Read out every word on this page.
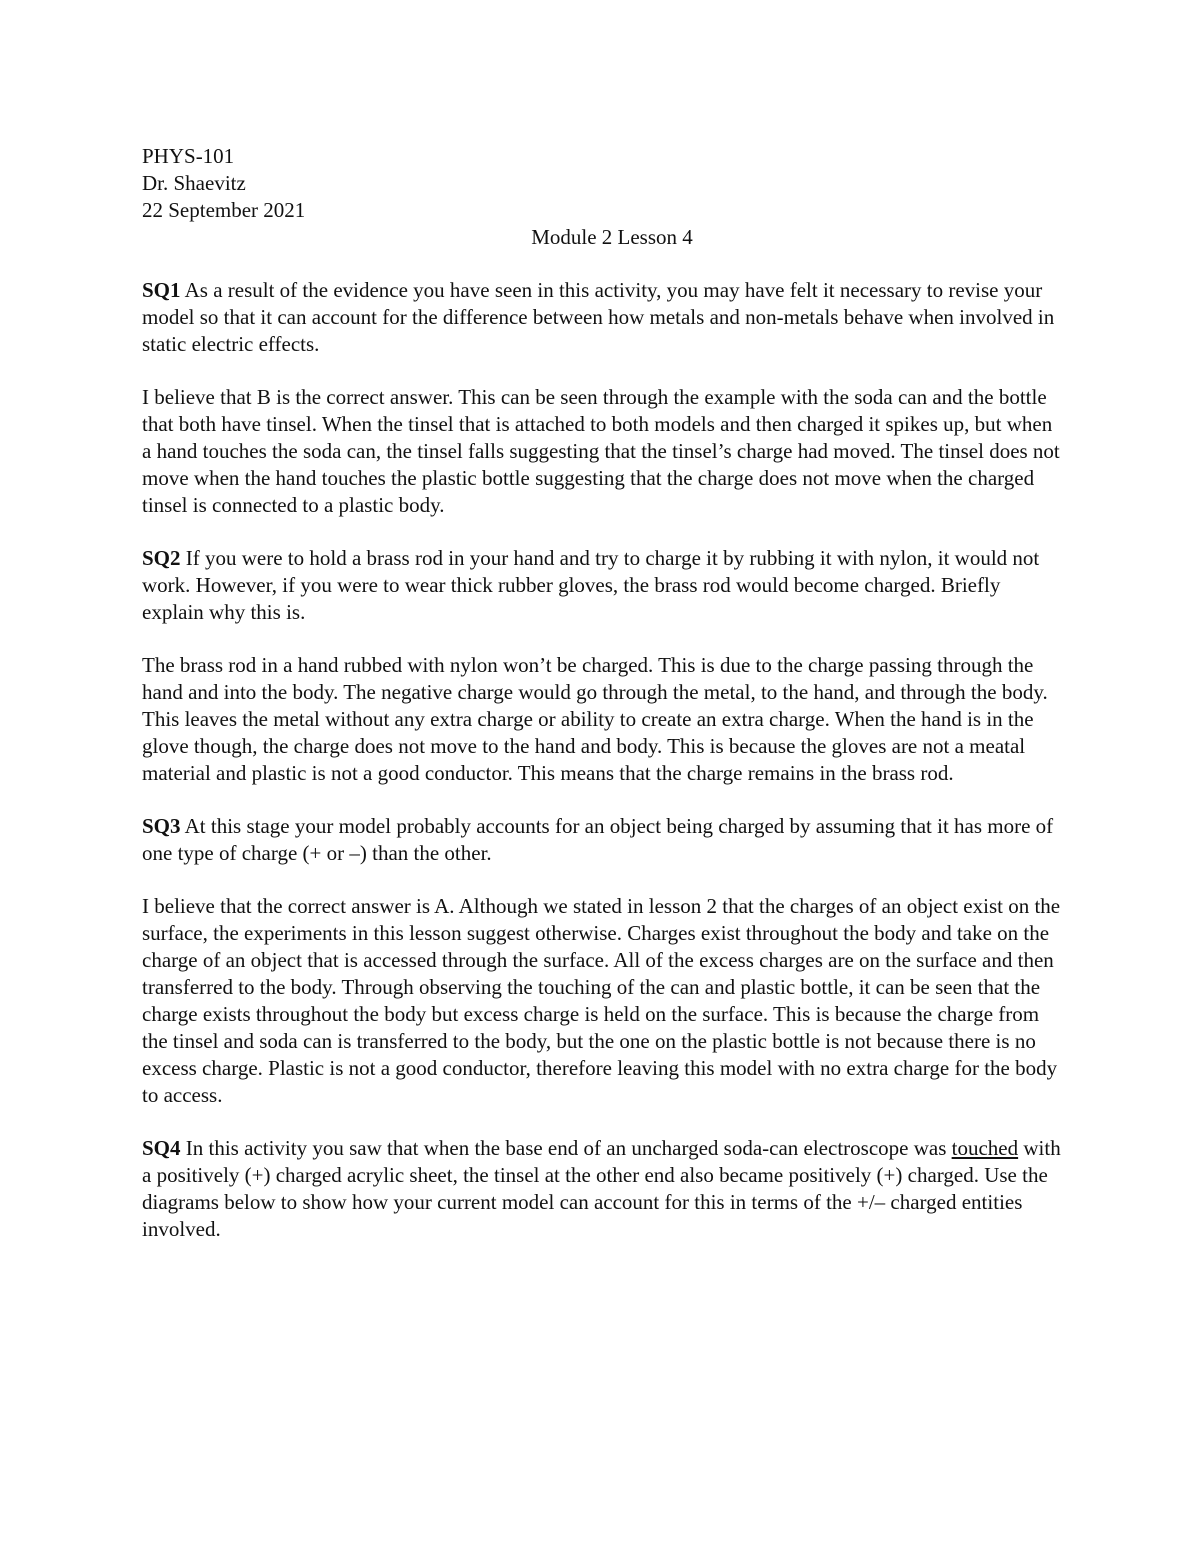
PHYS-101
Dr. Shaevitz
22 September 2021
Module 2 Lesson 4

SQ1 As a result of the evidence you have seen in this activity, you may have felt it necessary to revise your model so that it can account for the difference between how metals and non-metals behave when involved in static electric effects.

I believe that B is the correct answer. This can be seen through the example with the soda can and the bottle that both have tinsel. When the tinsel that is attached to both models and then charged it spikes up, but when a hand touches the soda can, the tinsel falls suggesting that the tinsel’s charge had moved. The tinsel does not move when the hand touches the plastic bottle suggesting that the charge does not move when the charged tinsel is connected to a plastic body.

SQ2 If you were to hold a brass rod in your hand and try to charge it by rubbing it with nylon, it would not work. However, if you were to wear thick rubber gloves, the brass rod would become charged. Briefly explain why this is.

The brass rod in a hand rubbed with nylon won’t be charged. This is due to the charge passing through the hand and into the body. The negative charge would go through the metal, to the hand, and through the body. This leaves the metal without any extra charge or ability to create an extra charge. When the hand is in the glove though, the charge does not move to the hand and body. This is because the gloves are not a meatal material and plastic is not a good conductor. This means that the charge remains in the brass rod.

SQ3 At this stage your model probably accounts for an object being charged by assuming that it has more of one type of charge (+ or –) than the other.

I believe that the correct answer is A. Although we stated in lesson 2 that the charges of an object exist on the surface, the experiments in this lesson suggest otherwise. Charges exist throughout the body and take on the charge of an object that is accessed through the surface. All of the excess charges are on the surface and then transferred to the body. Through observing the touching of the can and plastic bottle, it can be seen that the charge exists throughout the body but excess charge is held on the surface. This is because the charge from the tinsel and soda can is transferred to the body, but the one on the plastic bottle is not because there is no excess charge. Plastic is not a good conductor, therefore leaving this model with no extra charge for the body to access.

SQ4 In this activity you saw that when the base end of an uncharged soda-can electroscope was touched with a positively (+) charged acrylic sheet, the tinsel at the other end also became positively (+) charged. Use the diagrams below to show how your current model can account for this in terms of the +/– charged entities involved.
